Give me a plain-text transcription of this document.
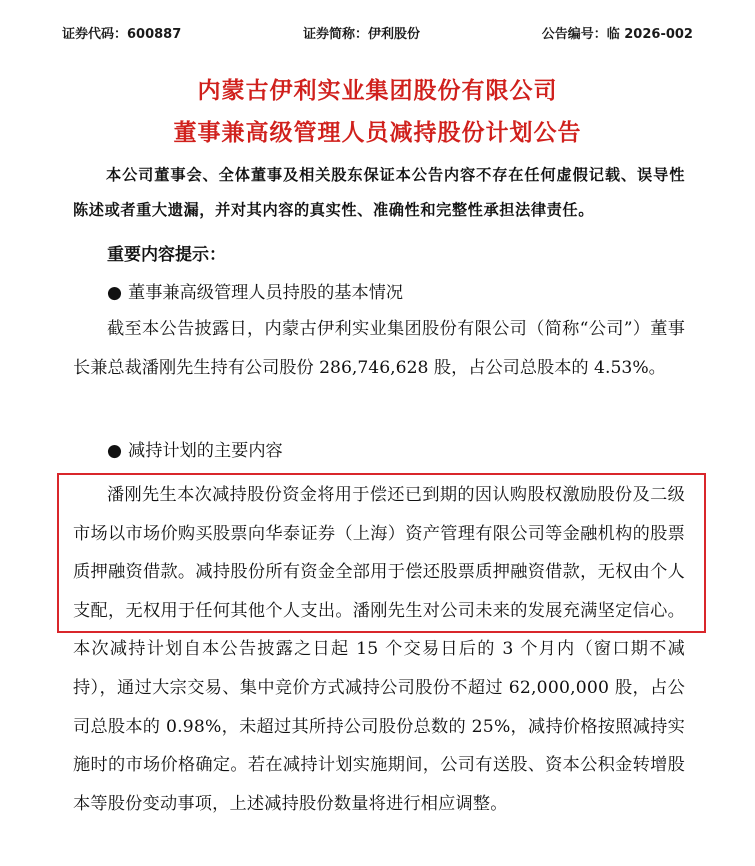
证券代码：600887	证券简称：伊利股份	公告编号：临 2026-002
内蒙古伊利实业集团股份有限公司
董事兼高级管理人员减持股份计划公告
本公司董事会、全体董事及相关股东保证本公告内容不存在任何虚假记载、误导性陈述或者重大遗漏，并对其内容的真实性、准确性和完整性承担法律责任。
重要内容提示：
● 董事兼高级管理人员持股的基本情况
截至本公告披露日，内蒙古伊利实业集团股份有限公司（简称“公司”）董事长兼总裁潘刚先生持有公司股份 286,746,628 股，占公司总股本的 4.53%。
● 减持计划的主要内容
潘刚先生本次减持股份资金将用于偿还已到期的因认购股权激励股份及二级市场以市场价购买股票向华泰证券（上海）资产管理有限公司等金融机构的股票质押融资借款。减持股份所有资金全部用于偿还股票质押融资借款，无权由个人支配，无权用于任何其他个人支出。潘刚先生对公司未来的发展充满坚定信心。本次减持计划自本公告披露之日起 15 个交易日后的 3 个月内（窗口期不减持），通过大宗交易、集中竞价方式减持公司股份不超过 62,000,000 股，占公司总股本的 0.98%，未超过其所持公司股份总数的 25%，减持价格按照减持实施时的市场价格确定。若在减持计划实施期间，公司有送股、资本公积金转增股本等股份变动事项，上述减持股份数量将进行相应调整。
